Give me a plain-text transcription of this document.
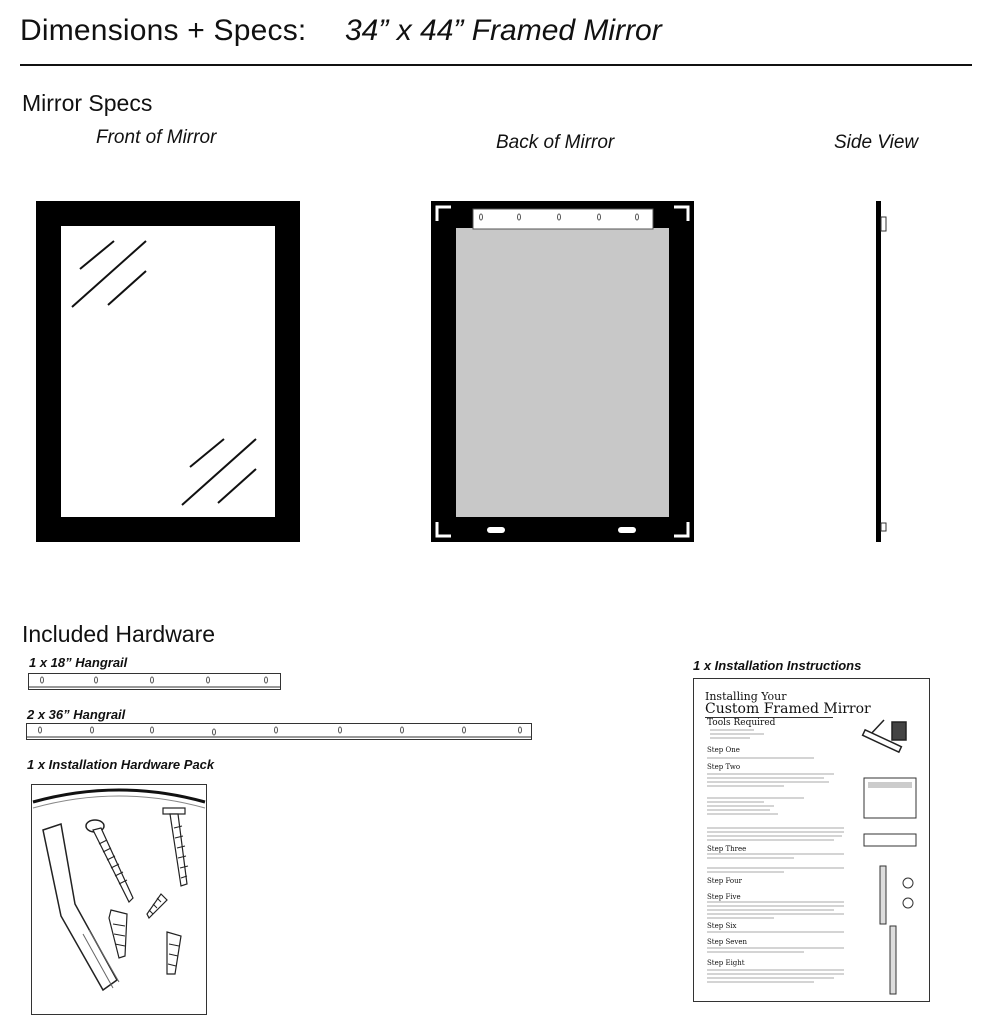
Dimensions + Specs: 34” x 44” Framed Mirror
Mirror Specs
Front of Mirror	Back of Mirror	Side View
Included Hardware
1 x 18” Hangrail
2 x 36” Hangrail
1 x Installation Hardware Pack
1 x Installation Instructions
Installing Your
Custom Framed Mirror
Tools Required
Step One
Step Two
Step Three
Step Four
Step Five
Step Six
Step Seven
Step Eight
